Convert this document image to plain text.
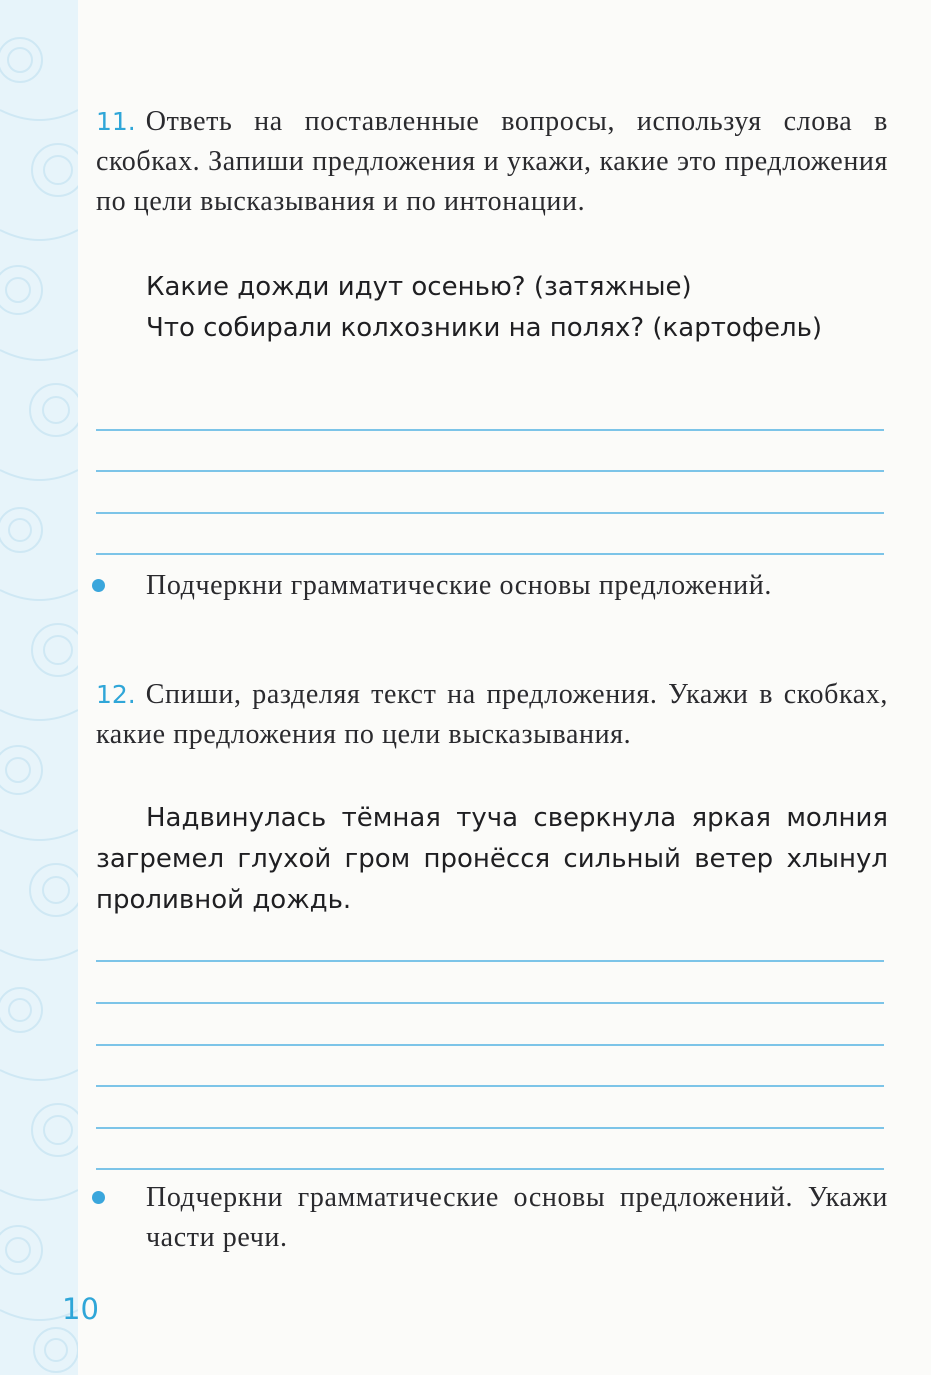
11. Ответь на поставленные вопросы, используя слова в скобках. Запиши предложения и укажи, какие это предложения по цели высказывания и по интонации.

Какие дожди идут осенью? (затяжные)

Что собирали колхозники на полях? (картофель)

Подчеркни грамматические основы предложений.

12. Спиши, разделяя текст на предложения. Укажи в скобках, какие предложения по цели высказывания.

Надвинулась тёмная туча сверкнула яркая молния загремел глухой гром пронёсся сильный ветер хлынул проливной дождь.

Подчеркни грамматические основы предложений. Укажи части речи.

10
